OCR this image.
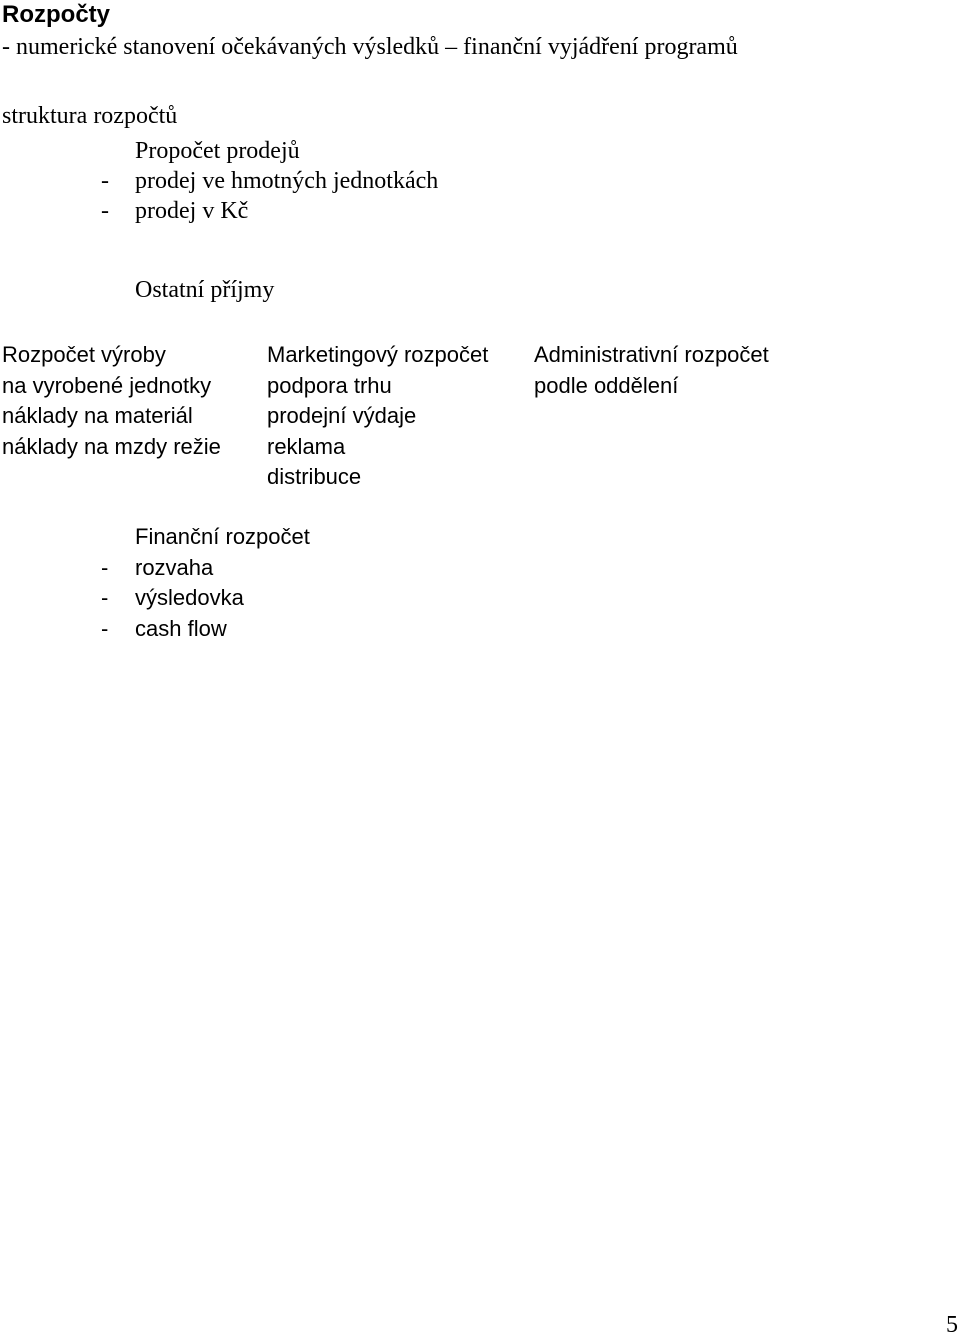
Rozpočty
- numerické stanovení očekávaných výsledků – finanční vyjádření programů
struktura rozpočtů
Propočet prodejů
- prodej ve hmotných jednotkách
- prodej v Kč
Ostatní příjmy
Rozpočet výroby
na vyrobené jednotky
náklady na materiál
náklady na mzdy režie
Marketingový rozpočet
podpora trhu
prodejní výdaje
reklama
distribuce
Administrativní rozpočet
podle oddělení
Finanční rozpočet
- rozvaha
- výsledovka
- cash flow
5
